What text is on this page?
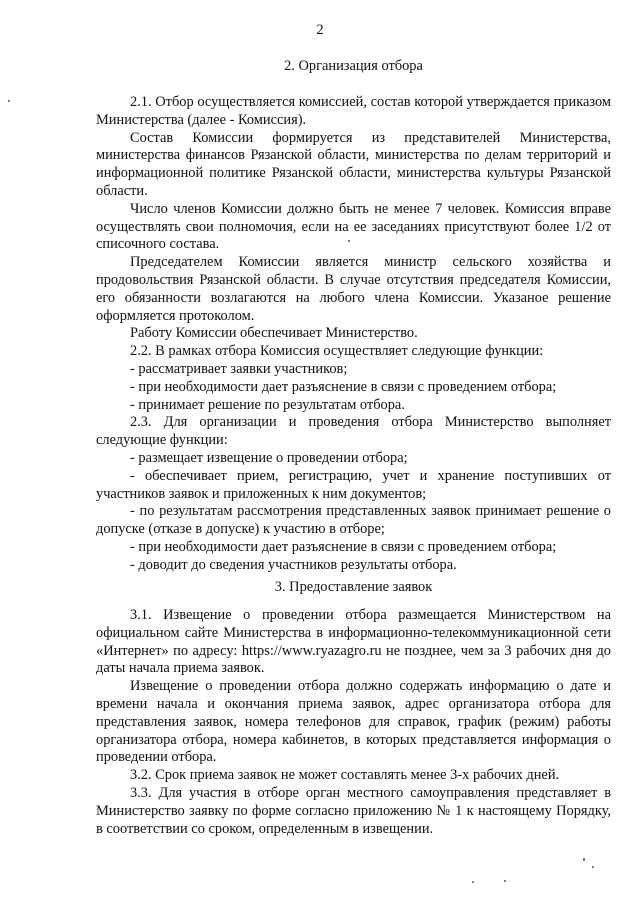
2
2. Организация отбора

2.1. Отбор осуществляется комиссией, состав которой утверждается приказом Министерства (далее - Комиссия).

Состав Комиссии формируется из представителей Министерства, министерства финансов Рязанской области, министерства по делам территорий и информационной политике Рязанской области, министерства культуры Рязанской области.

Число членов Комиссии должно быть не менее 7 человек. Комиссия вправе осуществлять свои полномочия, если на ее заседаниях присутствуют более 1/2 от списочного состава.

Председателем Комиссии является министр сельского хозяйства и продовольствия Рязанской области. В случае отсутствия председателя Комиссии, его обязанности возлагаются на любого члена Комиссии. Указаное решение оформляется протоколом.

Работу Комиссии обеспечивает Министерство.

2.2. В рамках отбора Комиссия осуществляет следующие функции:

- рассматривает заявки участников;

- при необходимости дает разъяснение в связи с проведением отбора;

- принимает решение по результатам отбора.

2.3. Для организации и проведения отбора Министерство выполняет следующие функции:

- размещает извещение о проведении отбора;

- обеспечивает прием, регистрацию, учет и хранение поступивших от участников заявок и приложенных к ним документов;

- по результатам рассмотрения представленных заявок принимает решение о допуске (отказе в допуске) к участию в отборе;

- при необходимости дает разъяснение в связи с проведением отбора;

- доводит до сведения участников результаты отбора.

3. Предоставление заявок

3.1. Извещение о проведении отбора размещается Министерством на официальном сайте Министерства в информационно-телекоммуникационной сети «Интернет» по адресу: https://www.ryazagro.ru не позднее, чем за 3 рабочих дня до даты начала приема заявок.

Извещение о проведении отбора должно содержать информацию о дате и времени начала и окончания приема заявок, адрес организатора отбора для представления заявок, номера телефонов для справок, график (режим) работы организатора отбора, номера кабинетов, в которых представляется информация о проведении отбора.

3.2. Срок приема заявок не может составлять менее 3-х рабочих дней.

3.3. Для участия в отборе орган местного самоуправления представляет в Министерство заявку по форме согласно приложению № 1 к настоящему Порядку, в соответствии со сроком, определенным в извещении.
